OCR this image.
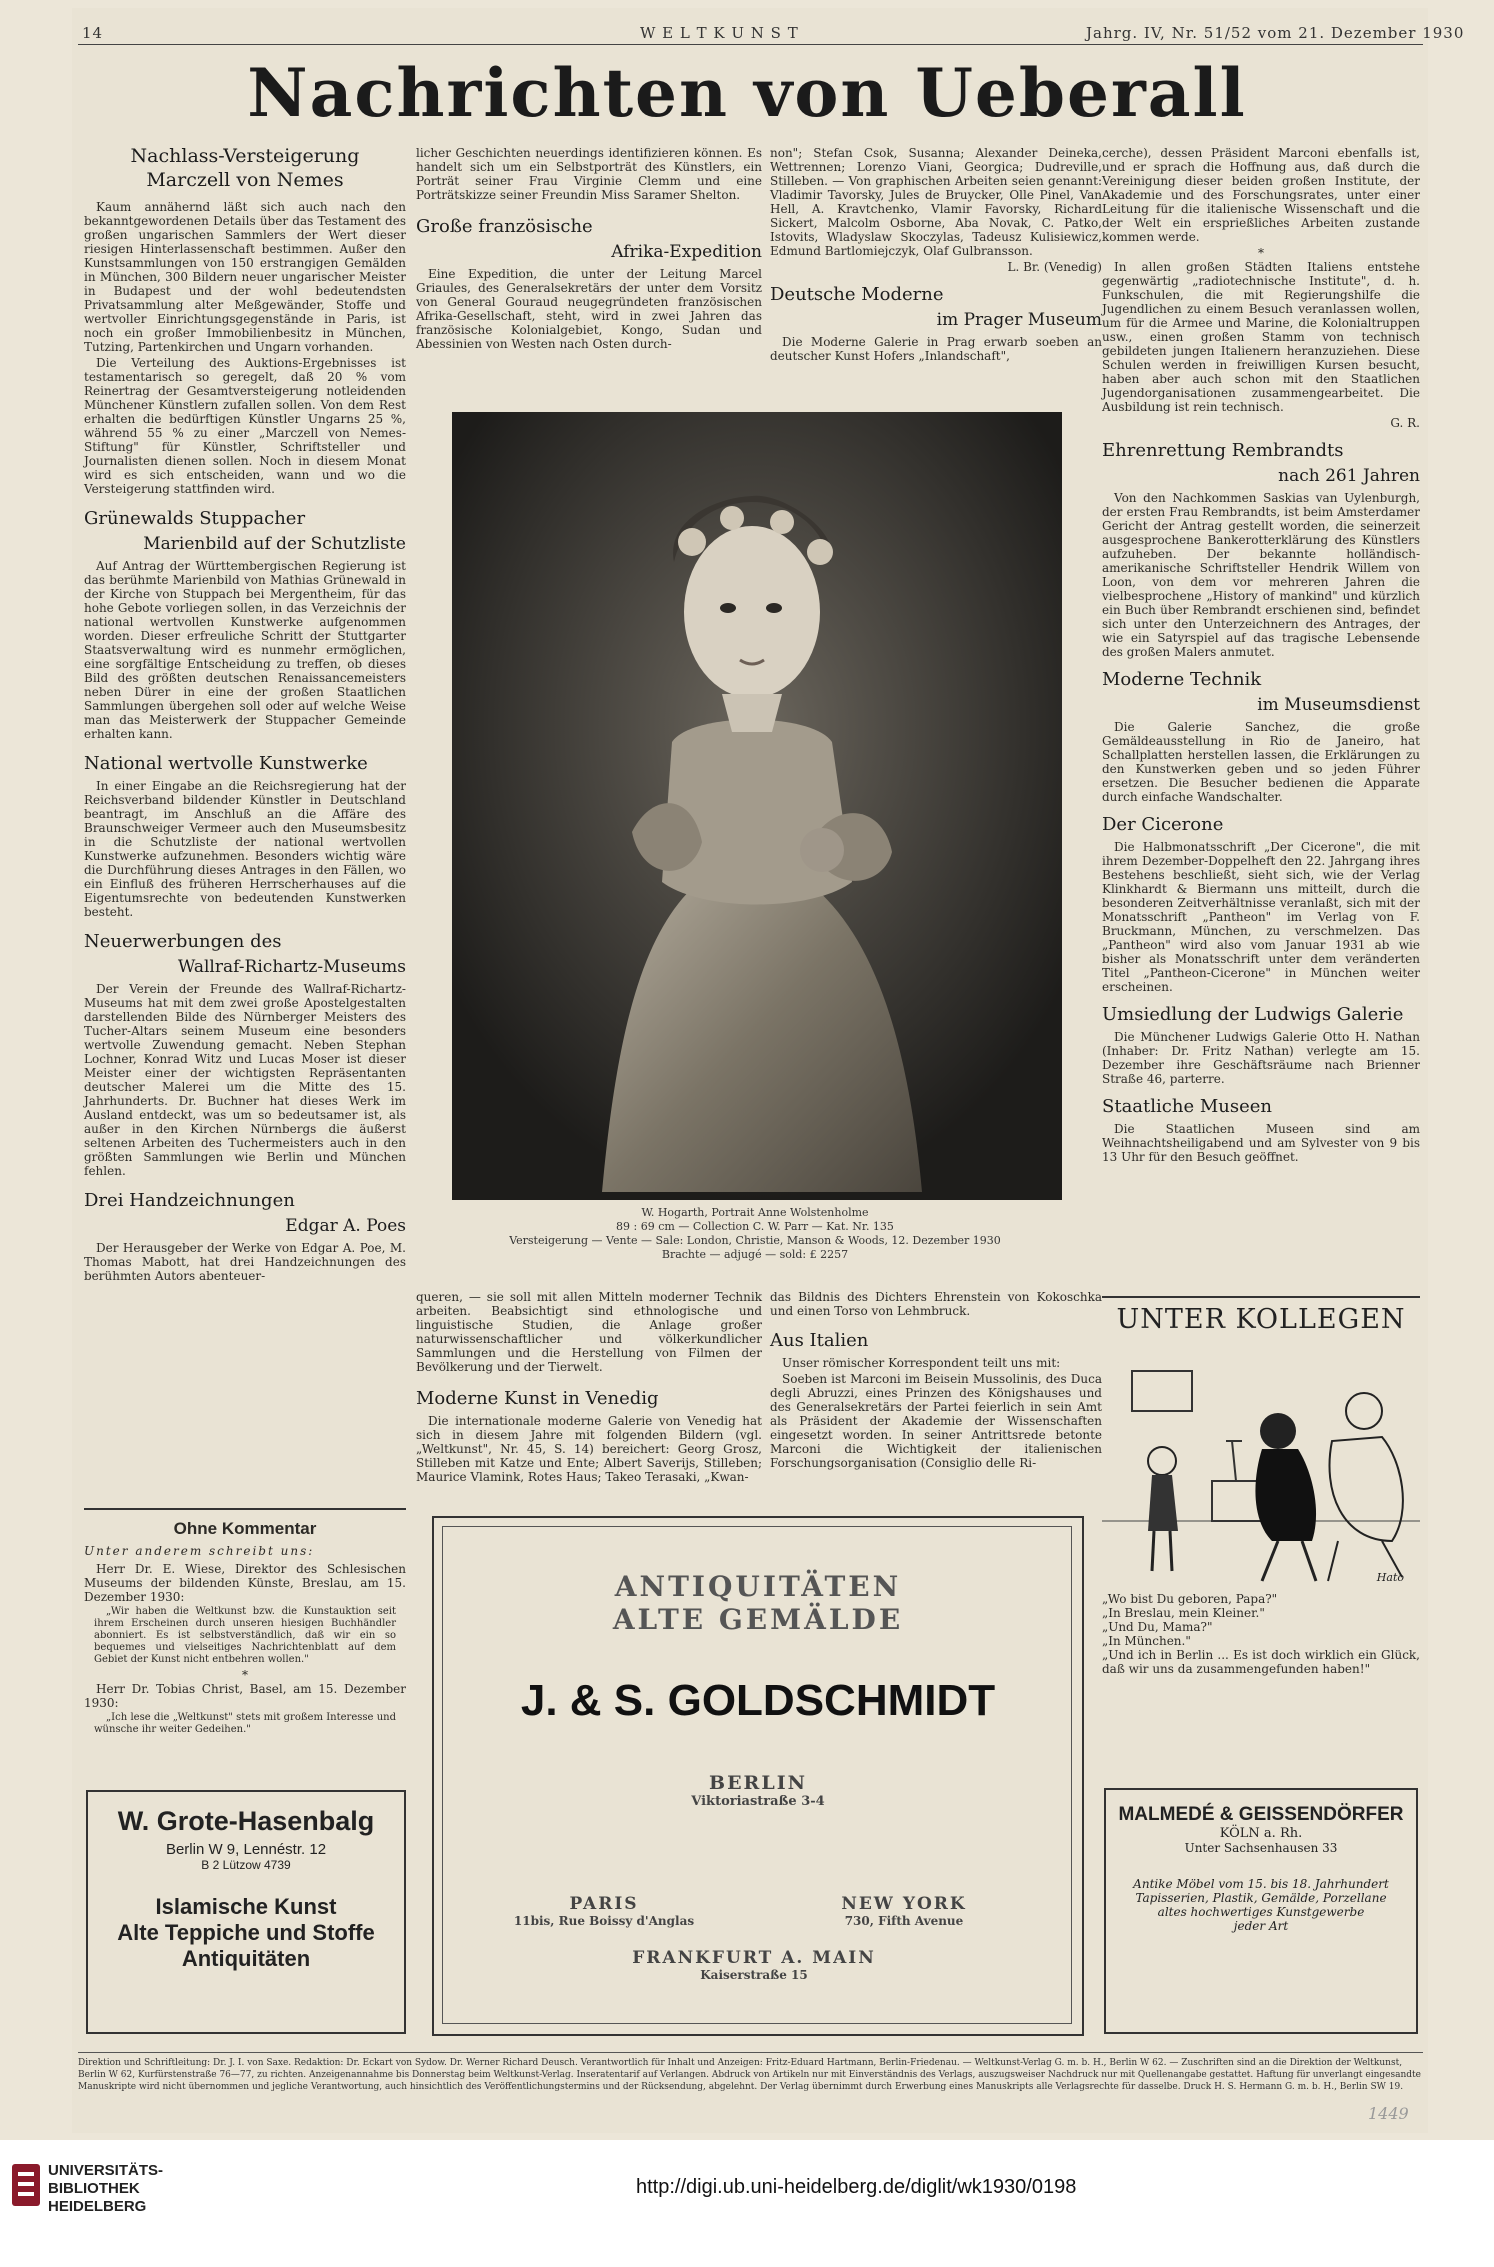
14	W E L T K U N S T	Jahrg. IV, Nr. 51/52 vom 21. Dezember 1930
Nachrichten von Ueberall
Nachlass-Versteigerung
Marczell von Nemes

Kaum annähernd läßt sich auch nach den bekanntgewordenen Details über das Testament des großen ungarischen Sammlers der Wert dieser riesigen Hinterlassenschaft bestimmen. Außer den Kunstsammlungen von 150 erstrangigen Gemälden in München, 300 Bildern neuer ungarischer Meister in Budapest und der wohl bedeutendsten Privatsammlung alter Meßgewänder, Stoffe und wertvoller Einrichtungsgegenstände in Paris, ist noch ein großer Immobilienbesitz in München, Tutzing, Partenkirchen und Ungarn vorhanden.

Die Verteilung des Auktions-Ergebnisses ist testamentarisch so geregelt, daß 20 % vom Reinertrag der Gesamtversteigerung notleidenden Münchener Künstlern zufallen sollen. Von dem Rest erhalten die bedürftigen Künstler Ungarns 25 %, während 55 % zu einer „Marczell von Nemes-Stiftung" für Künstler, Schriftsteller und Journalisten dienen sollen. Noch in diesem Monat wird es sich entscheiden, wann und wo die Versteigerung stattfinden wird.

Grünewalds Stuppacher
Marienbild auf der Schutzliste

Auf Antrag der Württembergischen Regierung ist das berühmte Marienbild von Mathias Grünewald in der Kirche von Stuppach bei Mergentheim, für das hohe Gebote vorliegen sollen, in das Verzeichnis der national wertvollen Kunstwerke aufgenommen worden. Dieser erfreuliche Schritt der Stuttgarter Staatsverwaltung wird es nunmehr ermöglichen, eine sorgfältige Entscheidung zu treffen, ob dieses Bild des größten deutschen Renaissancemeisters neben Dürer in eine der großen Staatlichen Sammlungen übergehen soll oder auf welche Weise man das Meisterwerk der Stuppacher Gemeinde erhalten kann.

National wertvolle Kunstwerke

In einer Eingabe an die Reichsregierung hat der Reichsverband bildender Künstler in Deutschland beantragt, im Anschluß an die Affäre des Braunschweiger Vermeer auch den Museumsbesitz in die Schutzliste der national wertvollen Kunstwerke aufzunehmen. Besonders wichtig wäre die Durchführung dieses Antrages in den Fällen, wo ein Einfluß des früheren Herrscherhauses auf die Eigentumsrechte von bedeutenden Kunstwerken besteht.

Neuerwerbungen des
Wallraf-Richartz-Museums

Der Verein der Freunde des Wallraf-Richartz-Museums hat mit dem zwei große Apostelgestalten darstellenden Bilde des Nürnberger Meisters des Tucher-Altars seinem Museum eine besonders wertvolle Zuwendung gemacht. Neben Stephan Lochner, Konrad Witz und Lucas Moser ist dieser Meister einer der wichtigsten Repräsentanten deutscher Malerei um die Mitte des 15. Jahrhunderts. Dr. Buchner hat dieses Werk im Ausland entdeckt, was um so bedeutsamer ist, als außer in den Kirchen Nürnbergs die äußerst seltenen Arbeiten des Tuchermeisters auch in den größten Sammlungen wie Berlin und München fehlen.

Drei Handzeichnungen
Edgar A. Poes

Der Herausgeber der Werke von Edgar A. Poe, M. Thomas Mabott, hat drei Handzeichnungen des berühmten Autors abenteuer-

Ohne Kommentar
Unter anderem schreibt uns:

Herr Dr. E. Wiese, Direktor des Schlesischen Museums der bildenden Künste, Breslau, am 15. Dezember 1930:

„Wir haben die Weltkunst bzw. die Kunstauktion seit ihrem Erscheinen durch unseren hiesigen Buchhändler abonniert. Es ist selbstverständlich, daß wir ein so bequemes und vielseitiges Nachrichtenblatt auf dem Gebiet der Kunst nicht entbehren wollen."

*

Herr Dr. Tobias Christ, Basel, am 15. Dezember 1930:

„Ich lese die „Weltkunst" stets mit großem Interesse und wünsche ihr weiter Gedeihen."

W. Grote-Hasenbalg
Berlin W 9, Lennéstr. 12
B 2 Lützow 4739
Islamische Kunst
Alte Teppiche und Stoffe
Antiquitäten

licher Geschichten neuerdings identifizieren können. Es handelt sich um ein Selbstporträt des Künstlers, ein Porträt seiner Frau Virginie Clemm und eine Porträtskizze seiner Freundin Miss Saramer Shelton.

Große französische
Afrika-Expedition

Eine Expedition, die unter der Leitung Marcel Griaules, des Generalsekretärs der unter dem Vorsitz von General Gouraud neugegründeten französischen Afrika-Gesellschaft, steht, wird in zwei Jahren das französische Kolonialgebiet, Kongo, Sudan und Abessinien von Westen nach Osten durch-

non"; Stefan Csok, Susanna; Alexander Deineka, Wettrennen; Lorenzo Viani, Georgica; Dudreville, Stilleben. — Von graphischen Arbeiten seien genannt: Vladimir Tavorsky, Jules de Bruycker, Olle Pinel, Van Hell, A. Kravtchenko, Vlamir Favorsky, Richard Sickert, Malcolm Osborne, Aba Novak, C. Patko, Istovits, Wladyslaw Skoczylas, Tadeusz Kulisiewicz, Edmund Bartlomiejczyk, Olaf Gulbransson.

L. Br. (Venedig)
Deutsche Moderne
im Prager Museum

Die Moderne Galerie in Prag erwarb soeben an deutscher Kunst Hofers „Inlandschaft",

W. Hogarth, Portrait Anne Wolstenholme
89 : 69 cm — Collection C. W. Parr — Kat. Nr. 135
Versteigerung — Vente — Sale: London, Christie, Manson & Woods, 12. Dezember 1930
Brachte — adjugé — sold: £ 2257

queren, — sie soll mit allen Mitteln moderner Technik arbeiten. Beabsichtigt sind ethnologische und linguistische Studien, die Anlage großer naturwissenschaftlicher und völkerkundlicher Sammlungen und die Herstellung von Filmen der Bevölkerung und der Tierwelt.

Moderne Kunst in Venedig

Die internationale moderne Galerie von Venedig hat sich in diesem Jahre mit folgenden Bildern (vgl. „Weltkunst", Nr. 45, S. 14) bereichert: Georg Grosz, Stilleben mit Katze und Ente; Albert Saverijs, Stilleben; Maurice Vlamink, Rotes Haus; Takeo Terasaki, „Kwan-

das Bildnis des Dichters Ehrenstein von Kokoschka und einen Torso von Lehmbruck.

Aus Italien

Unser römischer Korrespondent teilt uns mit:

Soeben ist Marconi im Beisein Mussolinis, des Duca degli Abruzzi, eines Prinzen des Königshauses und des Generalsekretärs der Partei feierlich in sein Amt als Präsident der Akademie der Wissenschaften eingesetzt worden. In seiner Antrittsrede betonte Marconi die Wichtigkeit der italienischen Forschungsorganisation (Consiglio delle Ri-

ANTIQUITÄTEN
ALTE GEMÄLDE
J. & S. GOLDSCHMIDT
BERLIN
Viktoriastraße 3-4
PARIS
11bis, Rue Boissy d'Anglas
NEW YORK
730, Fifth Avenue
FRANKFURT A. MAIN
Kaiserstraße 15

cerche), dessen Präsident Marconi ebenfalls ist, und er sprach die Hoffnung aus, daß durch die Vereinigung dieser beiden großen Institute, der Akademie und des Forschungsrates, unter einer Leitung für die italienische Wissenschaft und die der Welt ein ersprießliches Arbeiten zustande kommen werde.

*

In allen großen Städten Italiens entstehe gegenwärtig „radiotechnische Institute", d. h. Funkschulen, die mit Regierungshilfe die Jugendlichen zu einem Besuch veranlassen wollen, um für die Armee und Marine, die Kolonialtruppen usw., einen großen Stamm von technisch gebildeten jungen Italienern heranzuziehen. Diese Schulen werden in freiwilligen Kursen besucht, haben aber auch schon mit den Staatlichen Jugendorganisationen zusammengearbeitet. Die Ausbildung ist rein technisch.

G. R.
Ehrenrettung Rembrandts
nach 261 Jahren

Von den Nachkommen Saskias van Uylenburgh, der ersten Frau Rembrandts, ist beim Amsterdamer Gericht der Antrag gestellt worden, die seinerzeit ausgesprochene Bankerotterklärung des Künstlers aufzuheben. Der bekannte holländisch-amerikanische Schriftsteller Hendrik Willem von Loon, von dem vor mehreren Jahren die vielbesprochene „History of mankind" und kürzlich ein Buch über Rembrandt erschienen sind, befindet sich unter den Unterzeichnern des Antrages, der wie ein Satyrspiel auf das tragische Lebensende des großen Malers anmutet.

Moderne Technik
im Museumsdienst

Die Galerie Sanchez, die große Gemäldeausstellung in Rio de Janeiro, hat Schallplatten herstellen lassen, die Erklärungen zu den Kunstwerken geben und so jeden Führer ersetzen. Die Besucher bedienen die Apparate durch einfache Wandschalter.

Der Cicerone

Die Halbmonatsschrift „Der Cicerone", die mit ihrem Dezember-Doppelheft den 22. Jahrgang ihres Bestehens beschließt, sieht sich, wie der Verlag Klinkhardt & Biermann uns mitteilt, durch die besonderen Zeitverhältnisse veranlaßt, sich mit der Monatsschrift „Pantheon" im Verlag von F. Bruckmann, München, zu verschmelzen. Das „Pantheon" wird also vom Januar 1931 ab wie bisher als Monatsschrift unter dem veränderten Titel „Pantheon-Cicerone" in München weiter erscheinen.

Umsiedlung der Ludwigs Galerie

Die Münchener Ludwigs Galerie Otto H. Nathan (Inhaber: Dr. Fritz Nathan) verlegte am 15. Dezember ihre Geschäftsräume nach Brienner Straße 46, parterre.

Staatliche Museen

Die Staatlichen Museen sind am Weihnachtsheiligabend und am Sylvester von 9 bis 13 Uhr für den Besuch geöffnet.

UNTER KOLLEGEN
Hato
„Wo bist Du geboren, Papa?"
„In Breslau, mein Kleiner."
„Und Du, Mama?"
„In München."
„Und ich in Berlin ... Es ist doch wirklich ein Glück, daß wir uns da zusammengefunden haben!"
MALMEDÉ & GEISSENDÖRFER
KÖLN a. Rh.
Unter Sachsenhausen 33
Antike Möbel vom 15. bis 18. Jahrhundert
Tapisserien, Plastik, Gemälde, Porzellane
altes hochwertiges Kunstgewerbe
jeder Art
Direktion und Schriftleitung: Dr. J. I. von Saxe. Redaktion: Dr. Eckart von Sydow. Dr. Werner Richard Deusch. Verantwortlich für Inhalt und Anzeigen: Fritz-Eduard Hartmann, Berlin-Friedenau. — Weltkunst-Verlag G. m. b. H., Berlin W 62. — Zuschriften sind an die Direktion der Weltkunst, Berlin W 62, Kurfürstenstraße 76—77, zu richten. Anzeigenannahme bis Donnerstag beim Weltkunst-Verlag. Inseratentarif auf Verlangen. Abdruck von Artikeln nur mit Einverständnis des Verlags, auszugsweiser Nachdruck nur mit Quellenangabe gestattet. Haftung für unverlangt eingesandte Manuskripte wird nicht übernommen und jegliche Verantwortung, auch hinsichtlich des Veröffentlichungstermins und der Rücksendung, abgelehnt. Der Verlag übernimmt durch Erwerbung eines Manuskripts alle Verlagsrechte für dasselbe. Druck H. S. Hermann G. m. b. H., Berlin SW 19.
1449
UNIVERSITÄTS-
BIBLIOTHEK
HEIDELBERG
http://digi.ub.uni-heidelberg.de/diglit/wk1930/0198
